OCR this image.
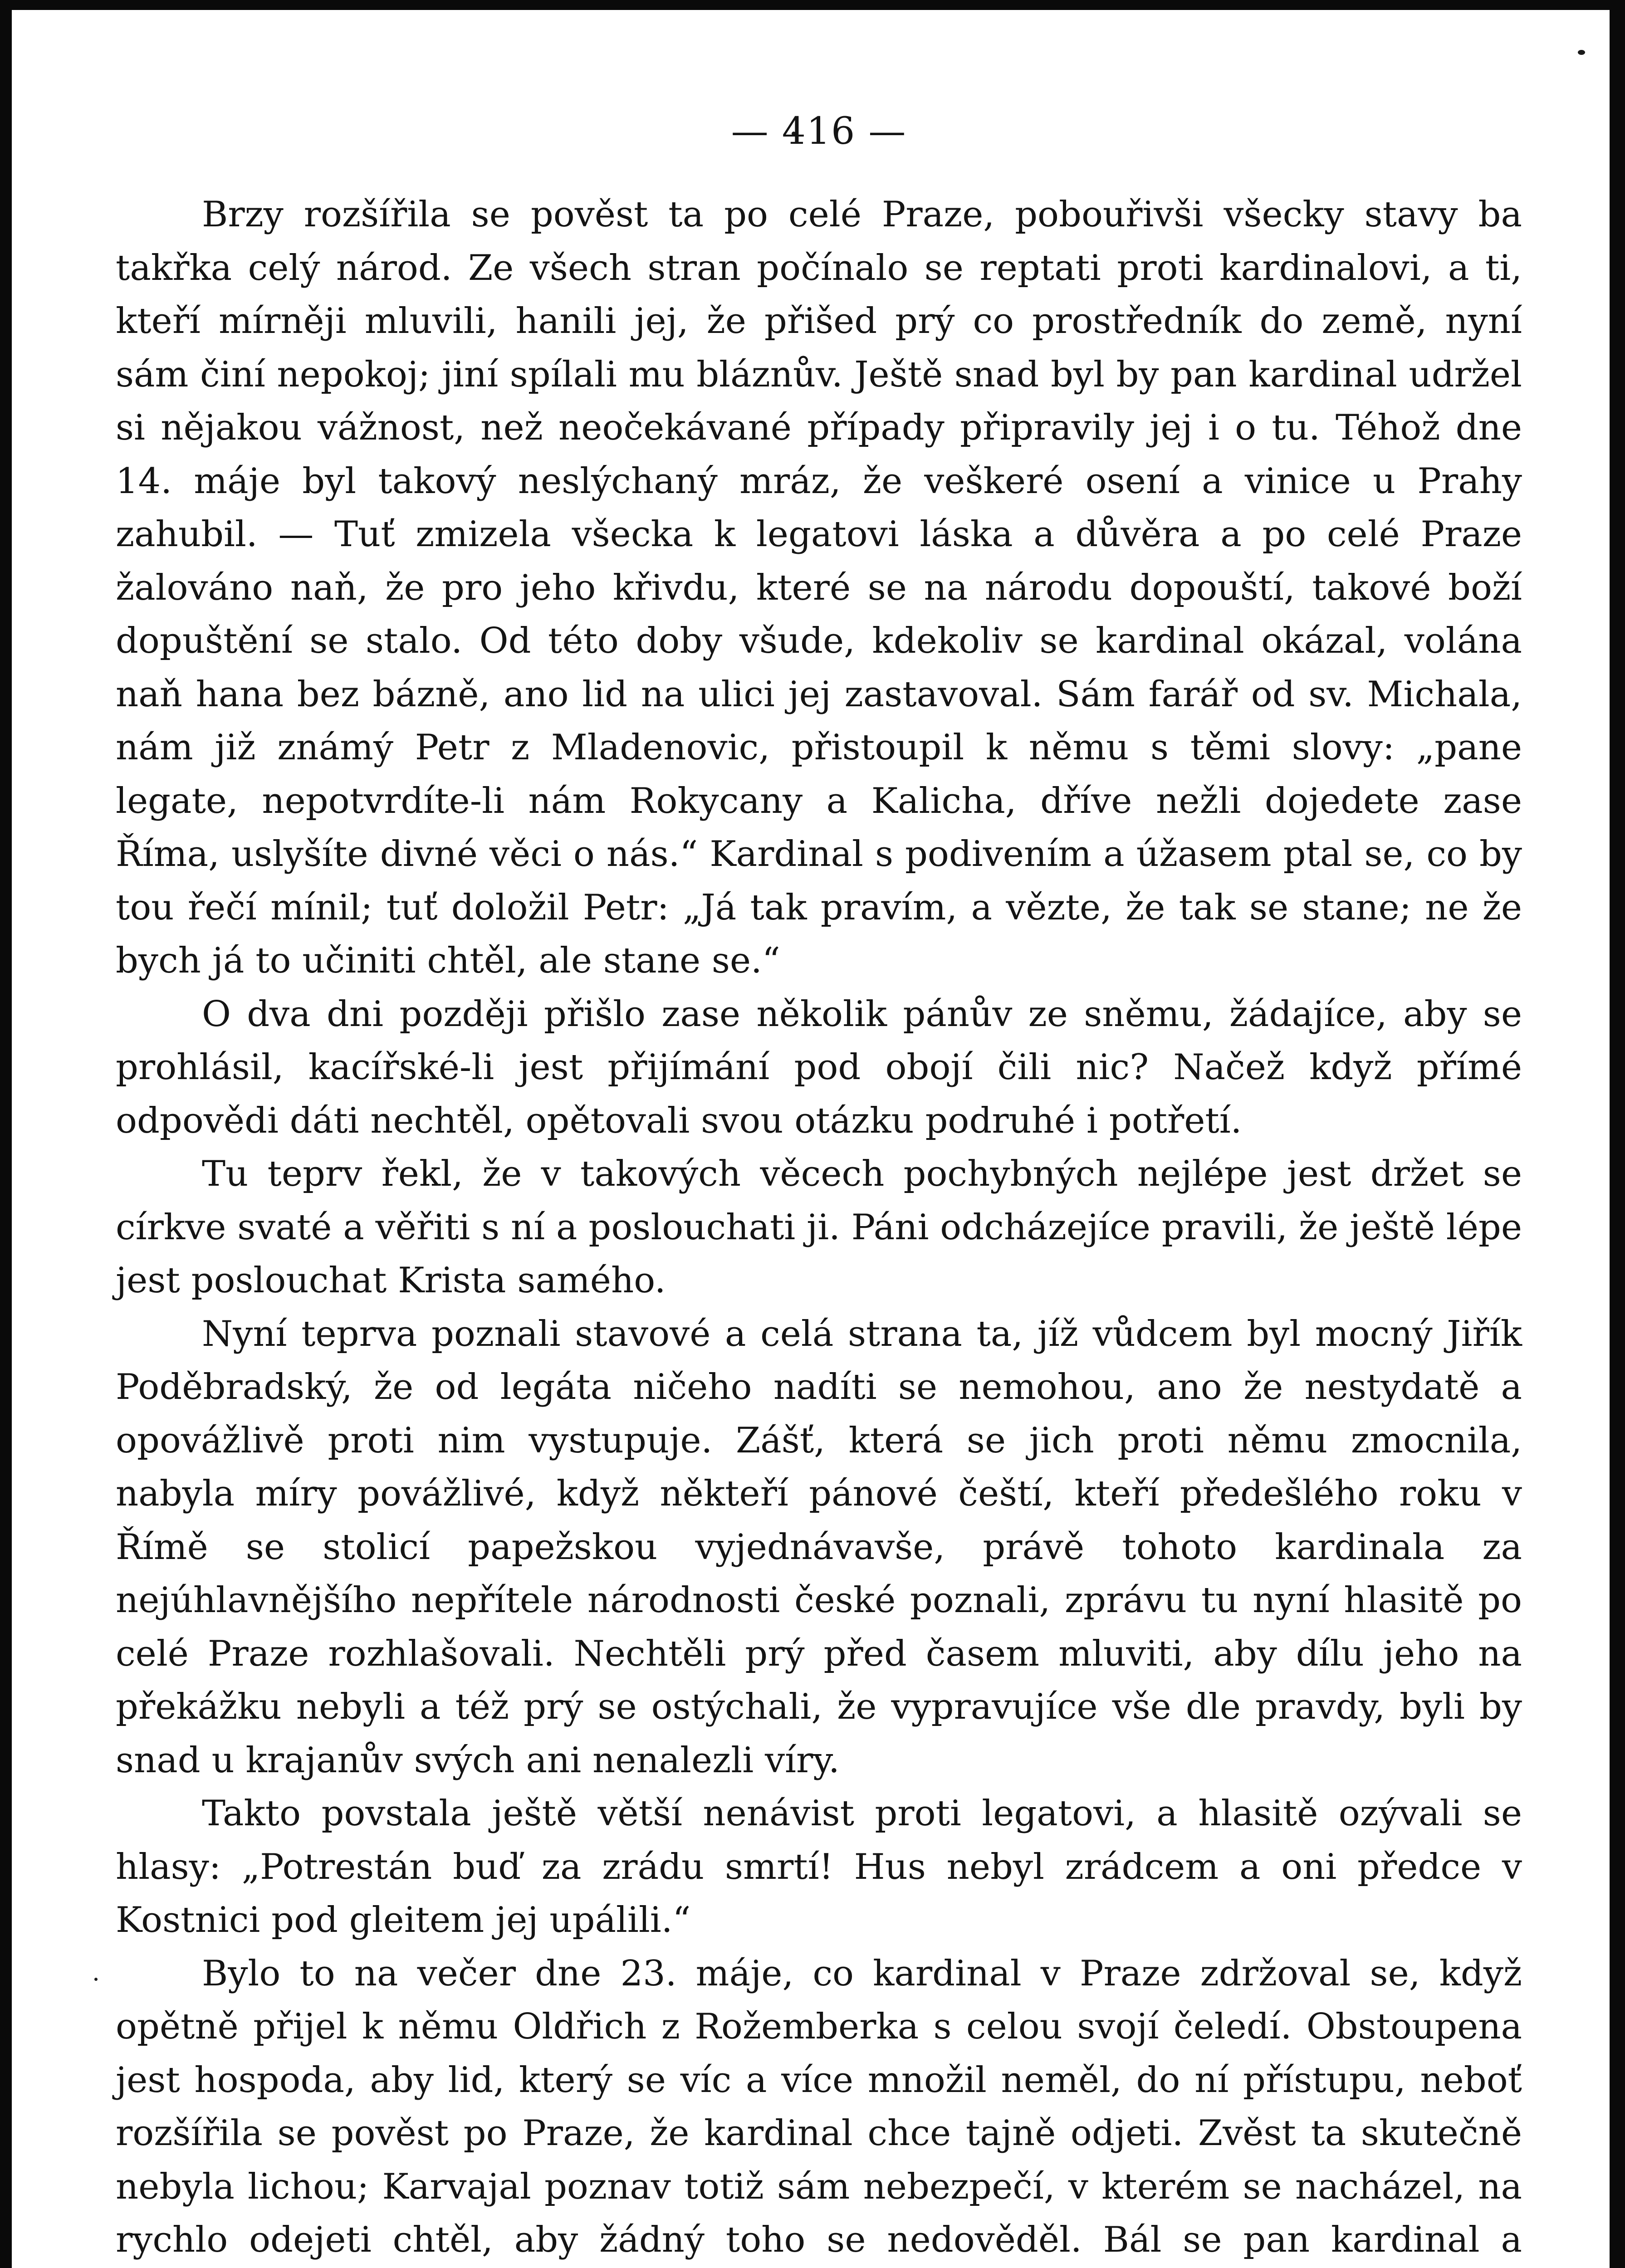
— 416 —

Brzy rozšířila se pověst ta po celé Praze, pobouřivši všecky stavy ba takřka celý národ. Ze všech stran počínalo se reptati proti kardinalovi, a ti, kteří mírněji mluvili, hanili jej, že přišed prý co prostředník do země, nyní sám činí nepokoj; jiní spílali mu bláznův. Ještě snad byl by pan kardinal udržel si nějakou vážnost, než neočekávané případy připravily jej i o tu. Téhož dne 14. máje byl takový neslýchaný mráz, že veškeré osení a vinice u Prahy zahubil. — Tuť zmizela všecka k legatovi láska a důvěra a po celé Praze žalováno naň, že pro jeho křivdu, které se na národu dopouští, takové boží dopuštění se stalo. Od této doby všude, kdekoliv se kardinal okázal, volána naň hana bez bázně, ano lid na ulici jej zastavoval. Sám farář od sv. Michala, nám již známý Petr z Mladenovic, přistoupil k němu s těmi slovy: „pane legate, nepotvrdíte-li nám Rokycany a Kalicha, dříve nežli dojedete zase Říma, uslyšíte divné věci o nás.“ Kardinal s podivením a úžasem ptal se, co by tou řečí mínil; tuť doložil Petr: „Já tak pravím, a vězte, že tak se stane; ne že bych já to učiniti chtěl, ale stane se.“

O dva dni později přišlo zase několik pánův ze sněmu, žádajíce, aby se prohlásil, kacířské-li jest přijímání pod obojí čili nic? Načež když přímé odpovědi dáti nechtěl, opětovali svou otázku podruhé i potřetí.

Tu teprv řekl, že v takových věcech pochybných nejlépe jest držet se církve svaté a věřiti s ní a poslouchati ji. Páni odcházejíce pravili, že ještě lépe jest poslouchat Krista samého.

Nyní teprva poznali stavové a celá strana ta, jíž vůdcem byl mocný Jiřík Poděbradský, že od legáta ničeho nadíti se nemohou, ano že nestydatě a opovážlivě proti nim vystupuje. Zášť, která se jich proti němu zmocnila, nabyla míry povážlivé, když někteří pánové čeští, kteří předešlého roku v Římě se stolicí papežskou vyjednávavše, právě tohoto kardinala za nejúhlavnějšího nepřítele národnosti české poznali, zprávu tu nyní hlasitě po celé Praze rozhlašovali. Nechtěli prý před časem mluviti, aby dílu jeho na překážku nebyli a též prý se ostýchali, že vypravujíce vše dle pravdy, byli by snad u krajanův svých ani nenalezli víry.

Takto povstala ještě větší nenávist proti legatovi, a hlasitě ozývali se hlasy: „Potrestán buď za zrádu smrtí! Hus nebyl zrádcem a oni předce v Kostnici pod gleitem jej upálili.“

Bylo to na večer dne 23. máje, co kardinal v Praze zdržoval se, když opětně přijel k němu Oldřich z Rožemberka s celou svojí čeledí. Obstoupena jest hospoda, aby lid, který se víc a více množil neměl, do ní přístupu, neboť rozšířila se pověst po Praze, že kardinal chce tajně odjeti. Zvěst ta skutečně nebyla lichou; Karvajal poznav totiž sám nebezpečí, v kterém se nacházel, na rychlo odejeti chtěl, aby žádný toho se nedověděl. Bál se pan kardinal a
